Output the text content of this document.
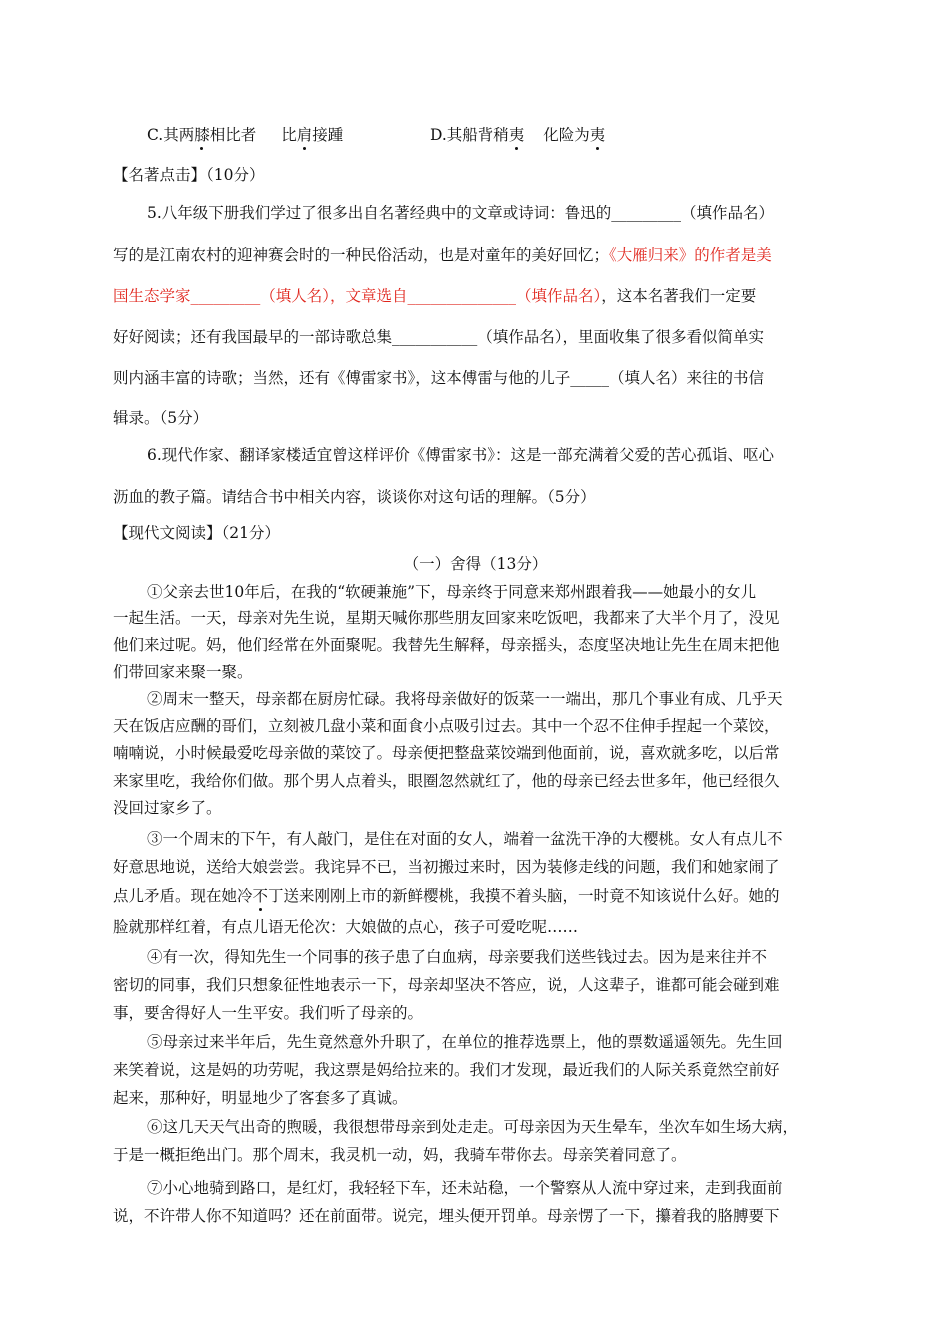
C.其两膝相比者 比肩接踵	D.其船背稍夷 化险为夷
【名著点击】（10分）
5.八年级下册我们学过了很多出自名著经典中的文章或诗词：鲁迅的_________（填作品名）
写的是江南农村的迎神赛会时的一种民俗活动，也是对童年的美好回忆；《大雁归来》的作者是美
国生态学家_________（填人名），文章选自______________（填作品名），这本名著我们一定要
好好阅读；还有我国最早的一部诗歌总集___________（填作品名），里面收集了很多看似简单实
则内涵丰富的诗歌；当然，还有《傅雷家书》，这本傅雷与他的儿子_____（填人名）来往的书信
辑录。（5分）
6.现代作家、翻译家楼适宜曾这样评价《傅雷家书》：这是一部充满着父爱的苦心孤诣、呕心
沥血的教子篇。请结合书中相关内容，谈谈你对这句话的理解。（5分）
【现代文阅读】（21分）
（一）舍得（13分）
①父亲去世10年后，在我的“软硬兼施”下，母亲终于同意来郑州跟着我——她最小的女儿
一起生活。一天，母亲对先生说，星期天喊你那些朋友回家来吃饭吧，我都来了大半个月了，没见
他们来过呢。妈，他们经常在外面聚呢。我替先生解释，母亲摇头，态度坚决地让先生在周末把他
们带回家来聚一聚。
②周末一整天，母亲都在厨房忙碌。我将母亲做好的饭菜一一端出，那几个事业有成、几乎天
天在饭店应酬的哥们，立刻被几盘小菜和面食小点吸引过去。其中一个忍不住伸手捏起一个菜饺，
喃喃说，小时候最爱吃母亲做的菜饺了。母亲便把整盘菜饺端到他面前，说，喜欢就多吃，以后常
来家里吃，我给你们做。那个男人点着头，眼圈忽然就红了，他的母亲已经去世多年，他已经很久
没回过家乡了。
③一个周末的下午，有人敲门，是住在对面的女人，端着一盆洗干净的大樱桃。女人有点儿不
好意思地说，送给大娘尝尝。我诧异不已，当初搬过来时，因为装修走线的问题，我们和她家闹了
点儿矛盾。现在她冷不丁送来刚刚上市的新鲜樱桃，我摸不着头脑，一时竟不知该说什么好。她的
脸就那样红着，有点儿语无伦次：大娘做的点心，孩子可爱吃呢……
④有一次，得知先生一个同事的孩子患了白血病，母亲要我们送些钱过去。因为是来往并不
密切的同事，我们只想象征性地表示一下，母亲却坚决不答应，说，人这辈子，谁都可能会碰到难
事，要舍得好人一生平安。我们听了母亲的。
⑤母亲过来半年后，先生竟然意外升职了，在单位的推荐选票上，他的票数遥遥领先。先生回
来笑着说，这是妈的功劳呢，我这票是妈给拉来的。我们才发现，最近我们的人际关系竟然空前好
起来，那种好，明显地少了客套多了真诚。
⑥这几天天气出奇的煦暖，我很想带母亲到处走走。可母亲因为天生晕车，坐次车如生场大病，
于是一概拒绝出门。那个周末，我灵机一动，妈，我骑车带你去。母亲笑着同意了。
⑦小心地骑到路口，是红灯，我轻轻下车，还未站稳，一个警察从人流中穿过来，走到我面前
说，不许带人你不知道吗？还在前面带。说完，埋头便开罚单。母亲愣了一下，攥着我的胳膊要下
